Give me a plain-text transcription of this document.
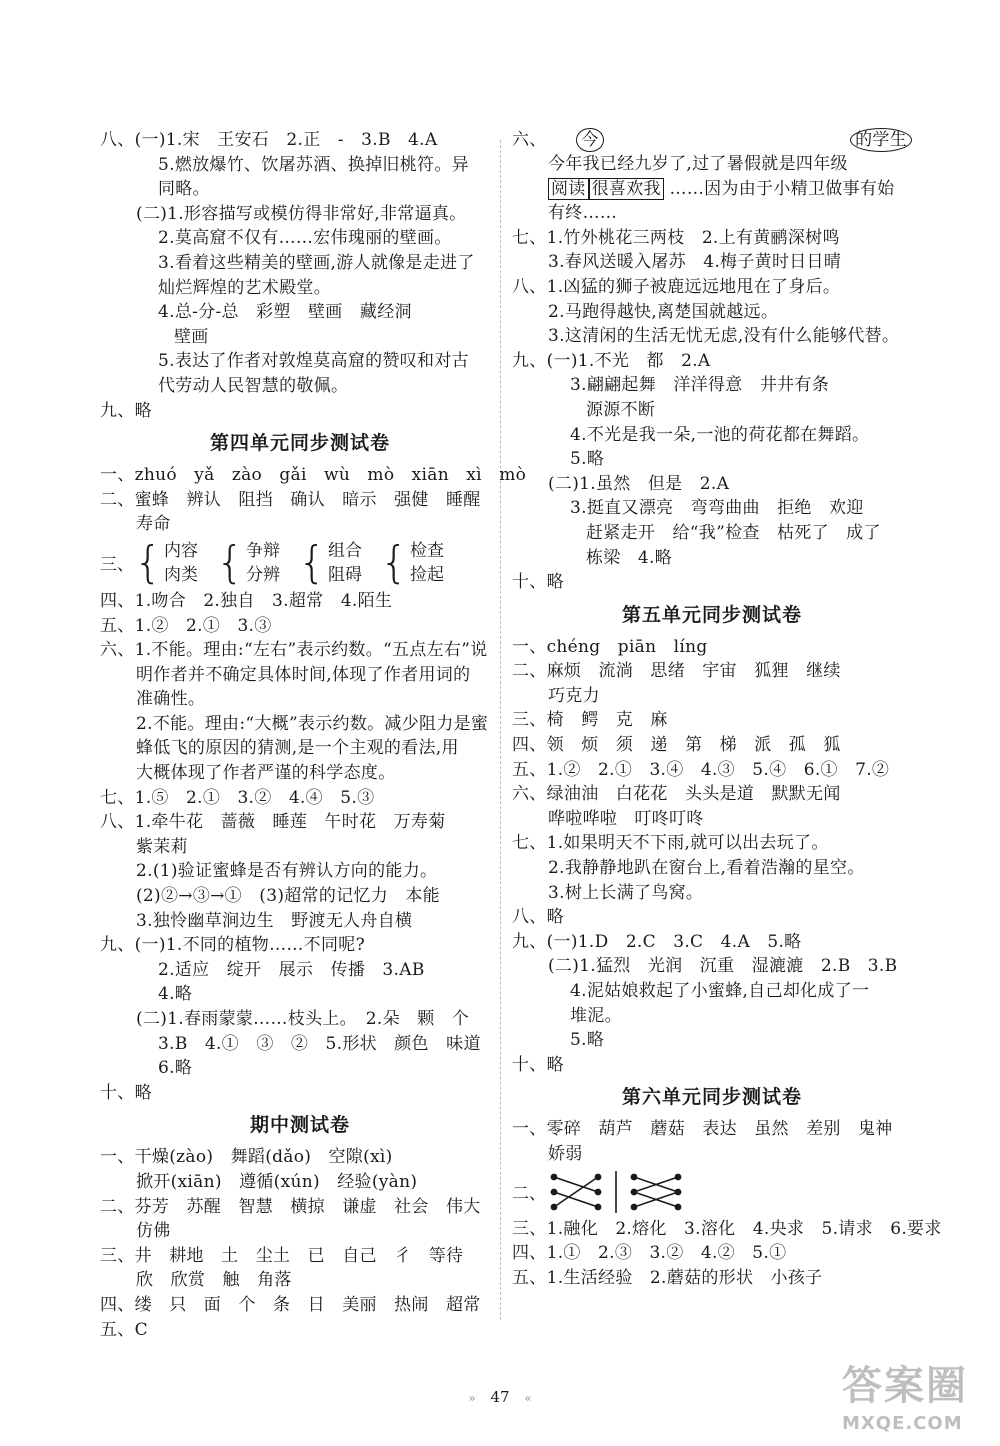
八、(一)1.宋　王安石　2.正　-　3.B　4.A
5.燃放爆竹、饮屠苏酒、换掉旧桃符。异
同略。
(二)1.形容描写或模仿得非常好,非常逼真。
2.莫高窟不仅有……宏伟瑰丽的壁画。
3.看着这些精美的壁画,游人就像是走进了
灿烂辉煌的艺术殿堂。
4.总-分-总　彩塑　壁画　藏经洞
壁画
5.表达了作者对敦煌莫高窟的赞叹和对古
代劳动人民智慧的敬佩。
九、略
第四单元同步测试卷
一、zhuó　yǎ　zào　gǎi　wù　mò　xiān　xì　mò
二、蜜蜂　辨认　阻挡　确认　暗示　强健　睡醒
寿命
三、 { 内容
肉类 { 争辩
分辨 { 组合
阻碍 { 检查
捡起
四、1.吻合　2.独自　3.超常　4.陌生
五、1.②　2.①　3.③
六、1.不能。理由:“左右”表示约数。“五点左右”说
明作者并不确定具体时间,体现了作者用词的
准确性。
2.不能。理由:“大概”表示约数。减少阻力是蜜
蜂低飞的原因的猜测,是一个主观的看法,用
大概体现了作者严谨的科学态度。
七、1.⑤　2.①　3.②　4.④　5.③
八、1.牵牛花　蔷薇　睡莲　午时花　万寿菊
紫茉莉
2.(1)验证蜜蜂是否有辨认方向的能力。
(2)②→③→①　(3)超常的记忆力　本能
3.独怜幽草涧边生　野渡无人舟自横
九、(一)1.不同的植物……不同呢?
2.适应　绽开　展示　传播　3.AB
4.略
(二)1.春雨蒙蒙……枝头上。　2.朵　颗　个
3.B　4.①　③　②　5.形状　颜色　味道
6.略
十、略
期中测试卷
一、干燥(zào)　舞蹈(dǎo)　空隙(xì)
掀开(xiān)　遵循(xún)　经验(yàn)
二、芬芳　苏醒　智慧　横掠　谦虚　社会　伟大
仿佛
三、井　耕地　土　尘土　已　自己　彳　等待
欣　欣赏　触　角落
四、缕　只　面　个　条　日　美丽　热闹　超常
五、C
六、 今	的学生
今年我已经九岁了,过了暑假就是四年级
阅读 很喜欢我 ……因为由于小精卫做事有始
有终……
七、1.竹外桃花三两枝　2.上有黄鹂深树鸣
3.春风送暖入屠苏　4.梅子黄时日日晴
八、1.凶猛的狮子被鹿远远地甩在了身后。
2.马跑得越快,离楚国就越远。
3.这清闲的生活无忧无虑,没有什么能够代替。
九、(一)1.不光　都　2.A
3.翩翩起舞　洋洋得意　井井有条
源源不断
4.不光是我一朵,一池的荷花都在舞蹈。
5.略
(二)1.虽然　但是　2.A
3.挺直又漂亮　弯弯曲曲　拒绝　欢迎
赶紧走开　给“我”检查　枯死了　成了
栋梁　4.略
十、略
第五单元同步测试卷
一、chéng　piān　líng
二、麻烦　流淌　思绪　宇宙　狐狸　继续
巧克力
三、椅　鳄　克　麻
四、领　烦　须　递　第　梯　派　孤　狐
五、1.②　2.①　3.④　4.③　5.④　6.①　7.②
六、绿油油　白花花　头头是道　默默无闻
哗啦哗啦　叮咚叮咚
七、1.如果明天不下雨,就可以出去玩了。
2.我静静地趴在窗台上,看着浩瀚的星空。
3.树上长满了鸟窝。
八、略
九、(一)1.D　2.C　3.C　4.A　5.略
(二)1.猛烈　光润　沉重　湿漉漉　2.B　3.B
4.泥姑娘救起了小蜜蜂,自己却化成了一
堆泥。
5.略
十、略
第六单元同步测试卷
一、零碎　葫芦　蘑菇　表达　虽然　差别　鬼神
娇弱
二、
三、1.融化　2.熔化　3.溶化　4.央求　5.请求　6.要求
四、1.①　2.③　3.②　4.②　5.①
五、1.生活经验　2.蘑菇的形状　小孩子
» 47 «	答案圈
MXQE.COM
